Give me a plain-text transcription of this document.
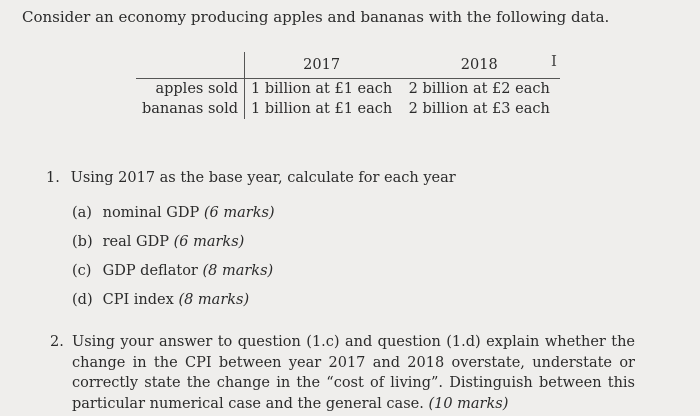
Consider an economy producing apples and bananas with the following data.
I
	2017	2018
apples sold	1 billion at £1 each	2 billion at £2 each
bananas sold	1 billion at £1 each	2 billion at £3 each
1. Using 2017 as the base year, calculate for each year
(a) nominal GDP (6 marks)
(b) real GDP (6 marks)
(c) GDP deflator (8 marks)
(d) CPI index (8 marks)
2. Using your answer to question (1.c) and question (1.d) explain whether the change in the CPI between year 2017 and 2018 overstate, understate or correctly state the change in the “cost of living”. Distinguish between this particular numerical case and the general case. (10 marks)
